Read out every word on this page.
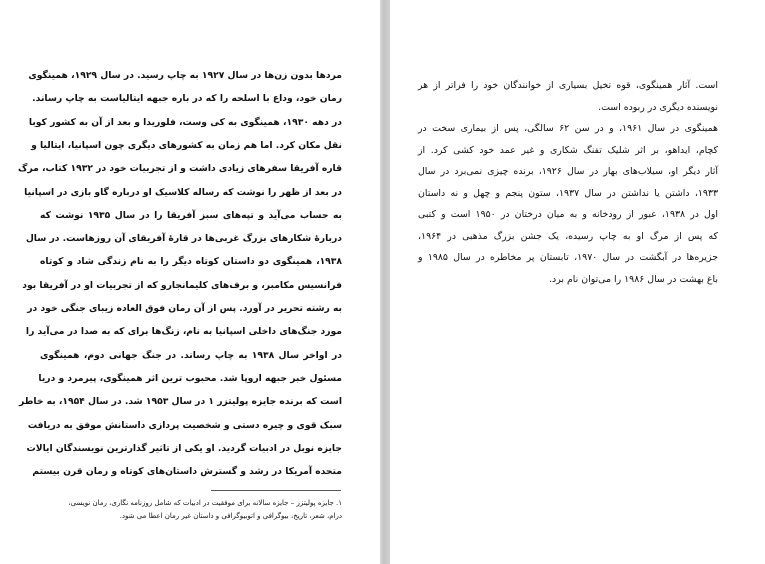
مردها بدون زن‌ها در سال ۱۹۲۷ به چاپ رسید. در سال ۱۹۲۹، همینگوی
رمان خود، وداع با اسلحه را که در باره جبهه ایتالیاست به چاپ رساند.
در دهه ۱۹۳۰، همینگوی به کی وست، فلوریدا و بعد از آن به کشور کوبا
نقل مکان کرد. اما هم زمان به کشورهای دیگری چون اسپانیا، ایتالیا و
قاره آفریقا سفرهای زیادی داشت و از تجربیات خود در ۱۹۳۲ کتاب، مرگ
در بعد از ظهر را نوشت که رساله کلاسیک او درباره گاو بازی در اسپانیا
به حساب می‌آید و تپه‌های سبز آفریقا را در سال ۱۹۳۵ نوشت که
دربارهٔ شکارهای بزرگ غربی‌ها در قارهٔ آفریقای آن روزهاست. در سال
۱۹۳۸، همینگوی دو داستان کوتاه دیگر را به نام زندگی شاد و کوتاه
فرانسیس مکامبر، و برف‌های کلیمانجارو که از تجربیات او در آفریقا بود
به رشته تحریر در آورد. پس از آن رمان فوق العاده زیبای جنگی خود در
مورد جنگ‌های داخلی اسپانیا به نام، زنگ‌ها برای که به صدا در می‌آید را
در اواخر سال ۱۹۳۸ به چاپ رساند. در جنگ جهانی دوم، همینگوی
مسئول خبر جبهه اروپا شد. محبوب ترین اثر همینگوی، پیرمرد و دریا
است که برنده جایزه پولیتزر ۱ در سال ۱۹۵۳ شد. در سال ۱۹۵۴، به خاطر
سبک قوی و چیره دستی و شخصیت پردازی داستانش موفق به دریافت
جایزه نوبل در ادبیات گردید. او یکی از تاثیر گذارترین نویسندگان ایالات
متحده آمریکا در رشد و گسترش داستان‌های کوتاه و رمان قرن بیستم
۱. جایزه پولیتزر – جایزه سالانه برای موفقیت در ادبیات که شامل روزنامه نگاری، رمان نویسی،
درام، شعر، تاریخ، بیوگرافی و اتوبیوگرافی و داستان غیر رمان اعطا می شود.
است. آثار همینگوی، قوه تخیل بسیاری از خوانندگان خود را فراتر از هر
نویسنده دیگری در ربوده است.
همینگوی در سال ۱۹۶۱، و در سن ۶۲ سالگی، پس از بیماری سخت در
کچام، ایداهو، بر اثر شلیک تفنگ شکاری و غیر عمد خود کشی کرد. از
آثار دیگر او، سیلاب‌های بهار در سال ۱۹۲۶، برنده چیزی نمی‌برد در سال
۱۹۳۳، داشتن یا نداشتن در سال ۱۹۳۷، ستون پنجم و چهل و نه داستان
اول در ۱۹۳۸، عبور از رودخانه و به میان درختان در ۱۹۵۰ است و کتبی
که پس از مرگ او به چاپ رسیده، یک جشن بزرگ مذهبی در ۱۹۶۴،
جزیره‌ها در آبگشت در سال ۱۹۷۰، تابستان پر مخاطره در سال ۱۹۸۵ و
باغ بهشت در سال ۱۹۸۶ را می‌توان نام برد.
